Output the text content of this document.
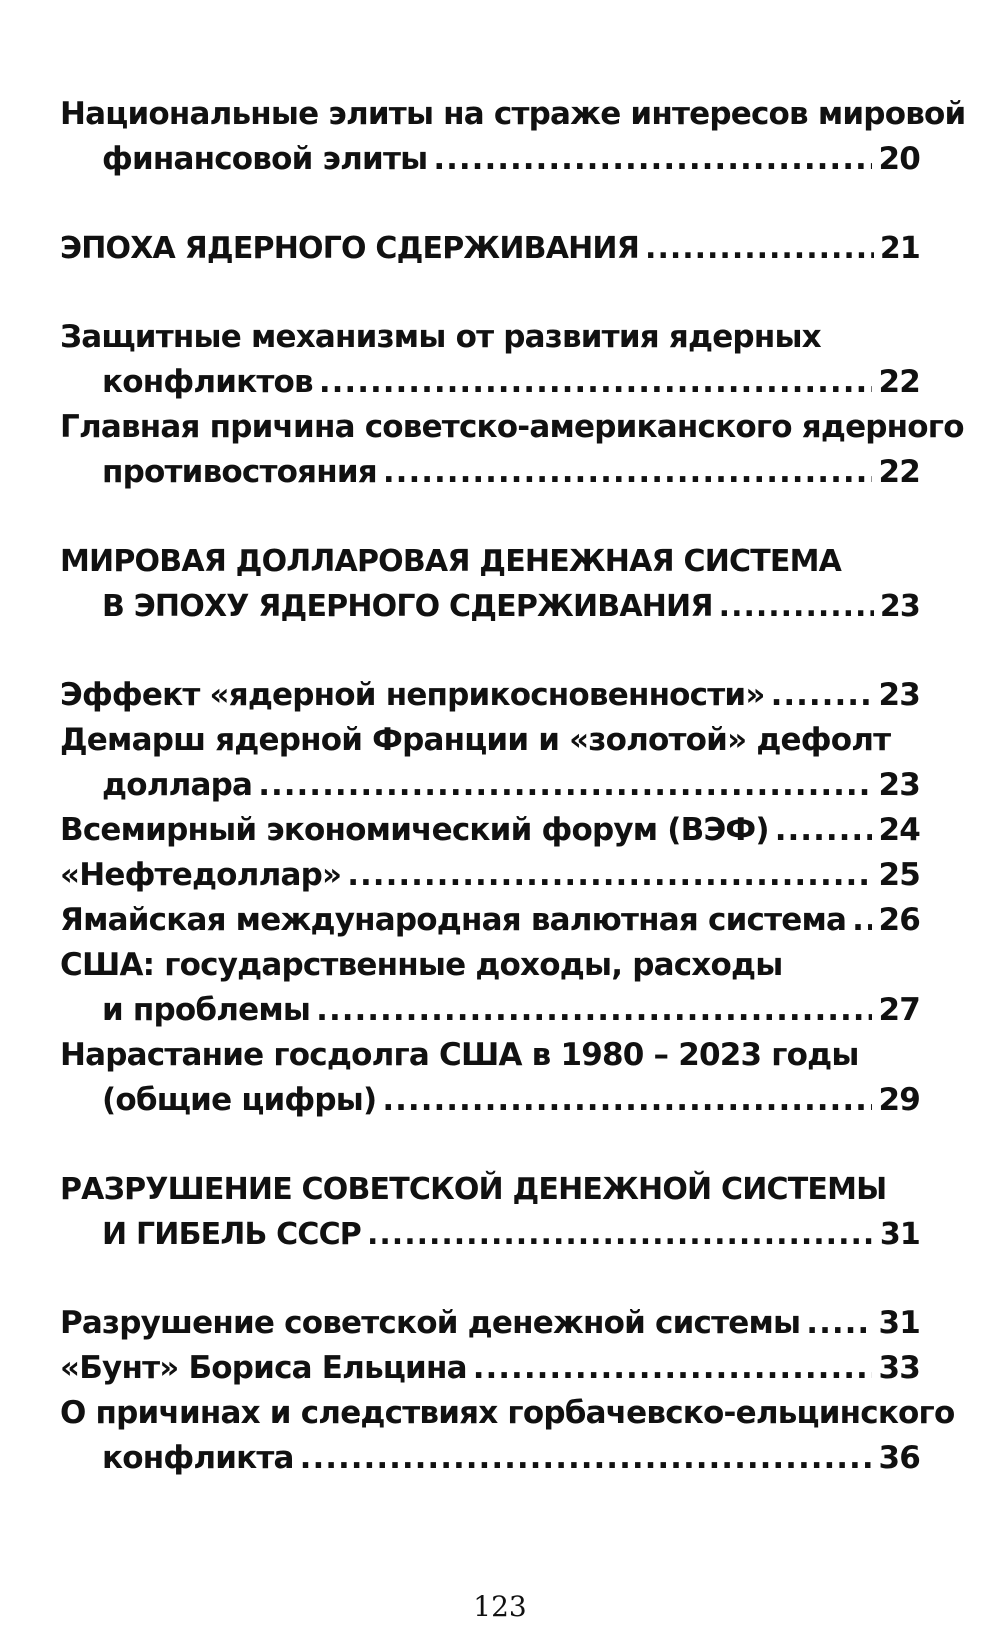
Национальные элиты на страже интересов мировой
финансовой элиты .....	20
ЭПОХА ЯДЕРНОГО СДЕРЖИВАНИЯ .....	21
Защитные механизмы от развития ядерных
конфликтов .....	22
Главная причина советско-американского ядерного
противостояния .....	22
МИРОВАЯ ДОЛЛАРОВАЯ ДЕНЕЖНАЯ СИСТЕМА
В ЭПОХУ ЯДЕРНОГО СДЕРЖИВАНИЯ .....	23
Эффект «ядерной неприкосновенности» .....	23
Демарш ядерной Франции и «золотой» дефолт
доллара .....	23
Всемирный экономический форум (ВЭФ) .....	24
«Нефтедоллар» .....	25
Ямайская международная валютная система ..... 26
США: государственные доходы, расходы
и проблемы .....	27
Нарастание госдолга США в 1980 – 2023 годы
(общие цифры) .....	29
РАЗРУШЕНИЕ СОВЕТСКОЙ ДЕНЕЖНОЙ СИСТЕМЫ
И ГИБЕЛЬ СССР .....	31
Разрушение советской денежной системы .....	31
«Бунт» Бориса Ельцина .....	33
О причинах и следствиях горбачевско-ельцинского
конфликта .....	36
123
